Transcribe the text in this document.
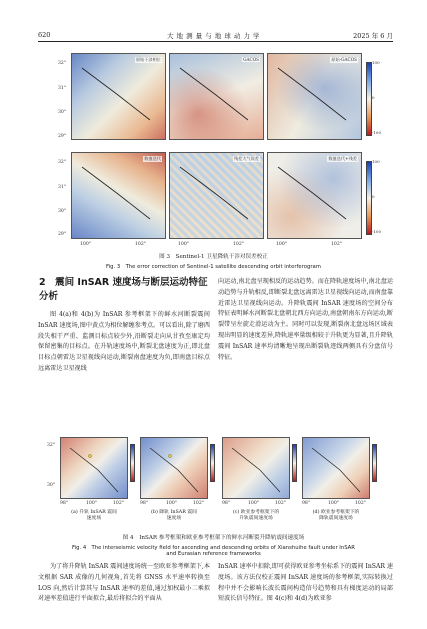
620	大 地 测 量 与 地 球 动 力 学	2025 年 6 月
原始干涉相位	GACOS	原始-GACOS
数值迭代	残差大气误差	数值迭代+残差
32°
31°
30°
29°
32°
31°
30°
29°
100°	102°	100°	102°	100°	102°
100
0
-100
100
0
-100
图 3　Sentinel-1 卫星降轨干涉对误差校正
Fig. 3　The error correction of Sentinel-1 satellite descending orbit interferogram
2　震间 InSAR 速度场与断层运动特征分析

图 4(a)和 4(b)为 InSAR 参考框架下的鲜水河断裂震间 InSAR 速度场,图中黄点为相位解缠参考点。可以看出,除了磨西段失相干严重、监测目标点较少外,沿断裂走向从甘孜至康定均保留密集的目标点。在升轨速度场中,断裂北盘速度为正,即北盘目标点朝雷达卫星视线向运动,断裂南盘速度为负,即南盘目标点远离雷达卫星视线

向运动,南北盘呈现相反的运动趋势。而在降轨速度场中,南北盘运动趋势与升轨相反,即断裂北盘远离雷达卫星视线向运动,而南盘靠近雷达卫星视线向运动。升降轨震间 InSAR 速度场的空间分布特征表明鲜水河断裂北盘朝北西方向运动,南盘朝南东方向运动,断裂带呈左旋走滑运动为主。同时可以发现,断裂南北盘远场区域表现出明显的速度差异,降轨速率量级相较于升轨更为显著,且升降轨震间 InSAR 速率均清晰地呈现出断裂轨迹线两侧具有分盘信号特征。

32°
30°
98°	100°	102°	98°	100°	102°	98°	100°	102°	98°	100°	102°
(a) 升轨 InSAR 震间
速度场
(b) 降轨 InSAR 震间
速度场
(c) 欧亚参考框架下的
升轨震间速度场
(d) 欧亚参考框架下的
降轨震间速度场
图 4　InSAR 参考框架和欧亚参考框架下的鲜水河断裂升降轨震间速度场
Fig. 4　The interseismic velocity field for ascending and descending orbits of Xianshuihe fault under InSAR
and Eurasian reference frameworks

为了将升降轨 InSAR 震间速度场统一至欧亚参考框架下,本文根据 SAR 成像的几何视角,首先将 GNSS 水平速率转换至 LOS 向,然后计算其与 InSAR 速率的差值,通过加权最小二乘拟对速率差值进行平面拟合,最后将拟合的平面从

InSAR 速率中扣除,即可获得欧亚参考坐标系下的震间 InSAR 速度场。该方法仅校正震间 InSAR 速度场的参考框架,实际转换过程中并不会影响长波长震间构造信号趋势和具有梯度运动的局部短波长信号特征。图 4(c)和 4(d)为欧亚参
